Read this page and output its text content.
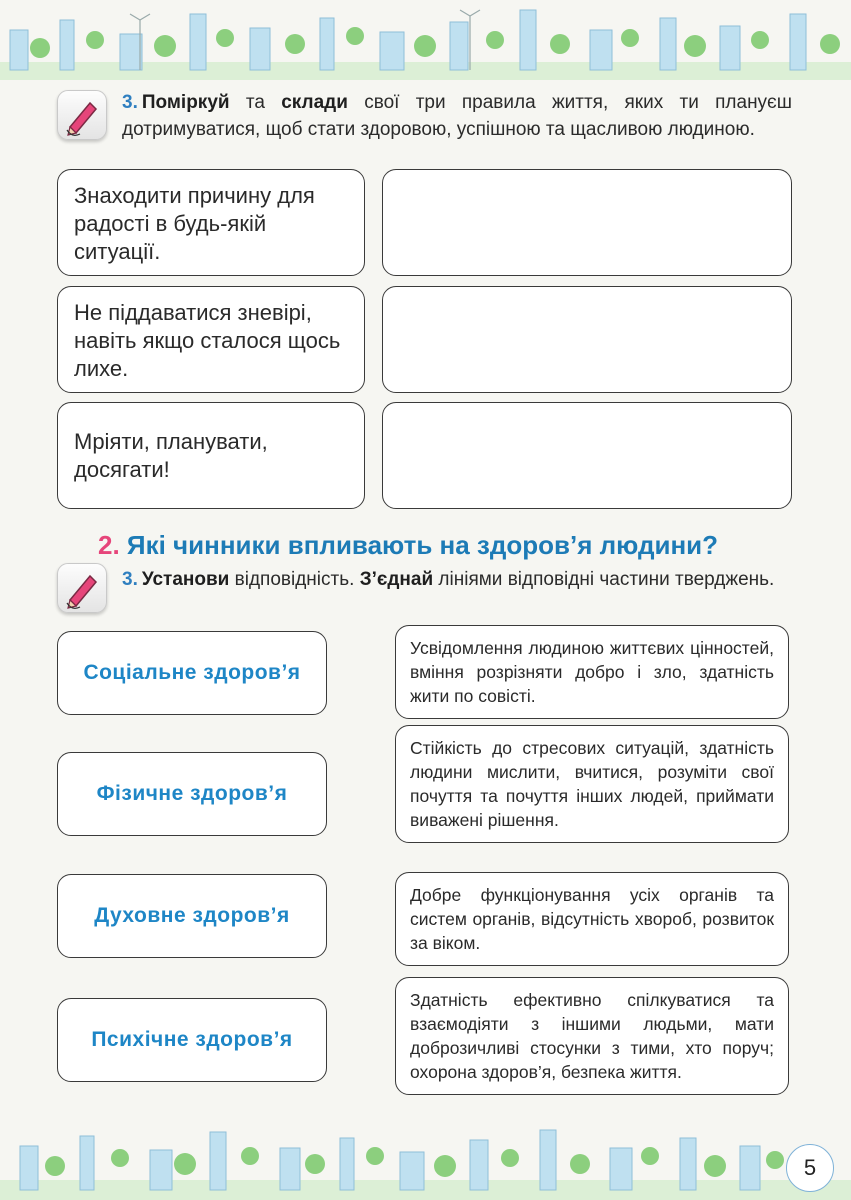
3. Поміркуй та склади свої три правила життя, яких ти плануєш дотримуватися, щоб стати здоровою, успішною та щасливою людиною.
Знаходити причину для радості в будь-якій ситуації.
Не піддаватися зневірі, навіть якщо сталося щось лихе.
Мріяти, планувати, досягати!
2. Які чинники впливають на здоров’я людини?
3. Установи відповідність. З’єднай лініями відповідні частини тверджень.
Соціальне здоров’я
Фізичне здоров’я
Духовне здоров’я
Психічне здоров’я
Усвідомлення людиною життєвих цінностей, вміння розрізняти добро і зло, здатність жити по совісті.
Стійкість до стресових ситуацій, здатність людини мислити, вчитися, розуміти свої почуття та почуття інших людей, приймати виважені рішення.
Добре функціонування усіх органів та систем органів, відсутність хвороб, розвиток за віком.
Здатність ефективно спілкуватися та взаємодіяти з іншими людьми, мати доброзичливі стосунки з тими, хто поруч; охорона здоров’я, безпека життя.
5
